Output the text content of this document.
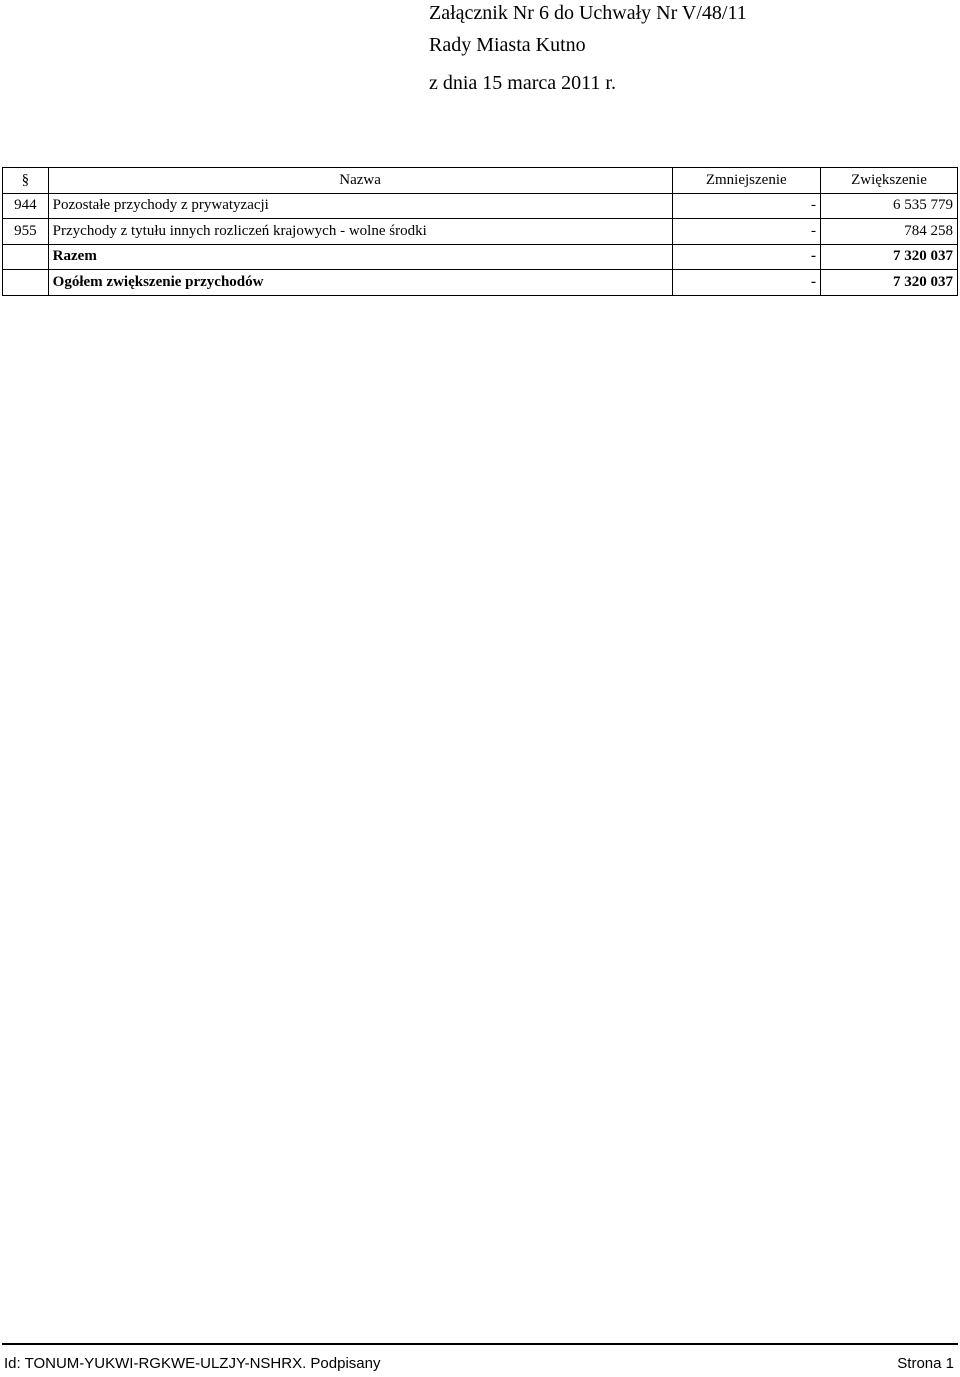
Załącznik Nr 6 do Uchwały Nr V/48/11
Rady Miasta Kutno
z dnia 15 marca 2011 r.
§	Nazwa	Zmniejszenie	Zwiększenie
944	Pozostałe przychody z prywatyzacji	-	6 535 779
955	Przychody z tytułu innych rozliczeń krajowych - wolne środki	-	784 258
	Razem	-	7 320 037
	Ogółem zwiększenie przychodów	-	7 320 037
Id: TONUM-YUKWI-RGKWE-ULZJY-NSHRX. Podpisany	Strona 1
